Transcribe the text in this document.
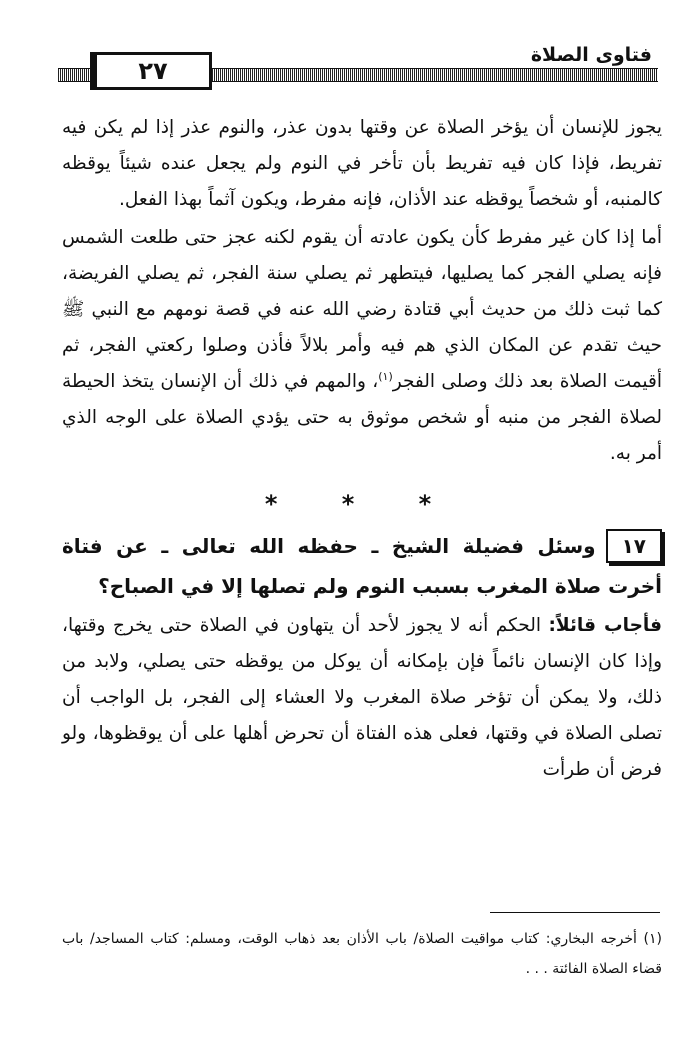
٢٧
فتاوى الصلاة

يجوز للإنسان أن يؤخر الصلاة عن وقتها بدون عذر، والنوم عذر إذا لم يكن فيه تفريط، فإذا كان فيه تفريط بأن تأخر في النوم ولم يجعل عنده شيئاً يوقظه كالمنبه، أو شخصاً يوقظه عند الأذان، فإنه مفرط، ويكون آثماً بهذا الفعل.

أما إذا كان غير مفرط كأن يكون عادته أن يقوم لكنه عجز حتى طلعت الشمس فإنه يصلي الفجر كما يصليها، فيتطهر ثم يصلي سنة الفجر، ثم يصلي الفريضة، كما ثبت ذلك من حديث أبي قتادة رضي الله عنه في قصة نومهم مع النبي ﷺ حيث تقدم عن المكان الذي هم فيه وأمر بلالاً فأذن وصلوا ركعتي الفجر، ثم أقيمت الصلاة بعد ذلك وصلى الفجر$^{(١)}$، والمهم في ذلك أن الإنسان يتخذ الحيطة لصلاة الفجر من منبه أو شخص موثوق به حتى يؤدي الصلاة على الوجه الذي أمر به.

* * *

١٧وسئل فضيلة الشيخ ـ حفظه الله تعالى ـ عن فتاة أخرت صلاة المغرب بسبب النوم ولم تصلها إلا في الصباح؟

فأجاب قائلاً: الحكم أنه لا يجوز لأحد أن يتهاون في الصلاة حتى يخرج وقتها، وإذا كان الإنسان نائماً فإن بإمكانه أن يوكل من يوقظه حتى يصلي، ولابد من ذلك، ولا يمكن أن تؤخر صلاة المغرب ولا العشاء إلى الفجر، بل الواجب أن تصلى الصلاة في وقتها، فعلى هذه الفتاة أن تحرض أهلها على أن يوقظوها، ولو فرض أن طرأت

(١) أخرجه البخاري: كتاب مواقيت الصلاة/ باب الأذان بعد ذهاب الوقت، ومسلم: كتاب المساجد/ باب قضاء الصلاة الفائتة . . .
